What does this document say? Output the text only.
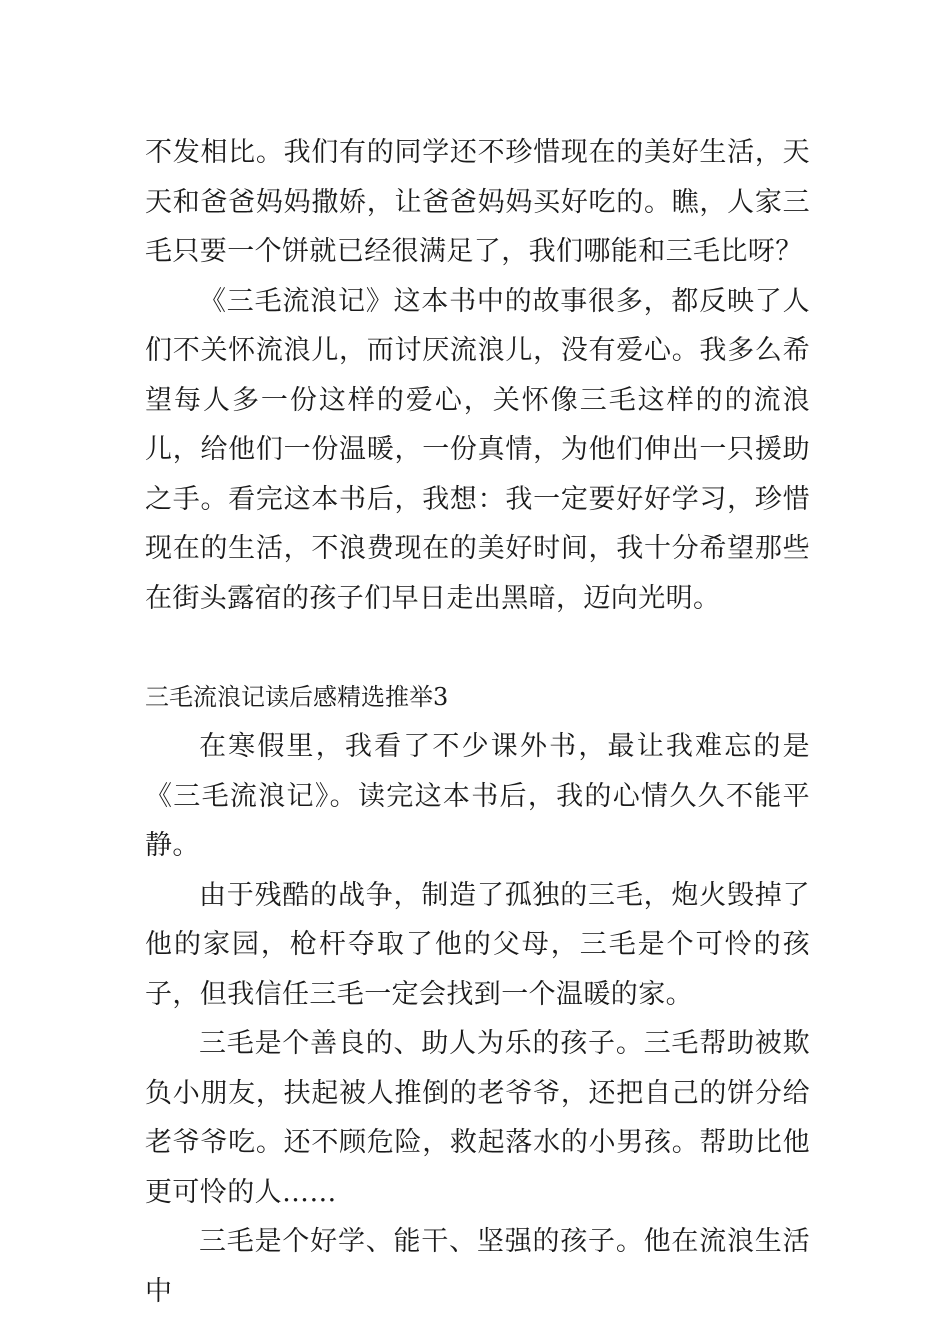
不发相比。我们有的同学还不珍惜现在的美好生活，天天和爸爸妈妈撒娇，让爸爸妈妈买好吃的。瞧，人家三毛只要一个饼就已经很满足了，我们哪能和三毛比呀？

《三毛流浪记》这本书中的故事很多，都反映了人们不关怀流浪儿，而讨厌流浪儿，没有爱心。我多么希望每人多一份这样的爱心，关怀像三毛这样的的流浪儿，给他们一份温暖，一份真情，为他们伸出一只援助之手。看完这本书后，我想：我一定要好好学习，珍惜现在的生活，不浪费现在的美好时间，我十分希望那些在街头露宿的孩子们早日走出黑暗，迈向光明。

三毛流浪记读后感精选推举3

在寒假里，我看了不少课外书，最让我难忘的是《三毛流浪记》。读完这本书后，我的心情久久不能平静。

由于残酷的战争，制造了孤独的三毛，炮火毁掉了他的家园，枪杆夺取了他的父母，三毛是个可怜的孩子，但我信任三毛一定会找到一个温暖的家。

三毛是个善良的、助人为乐的孩子。三毛帮助被欺负小朋友，扶起被人推倒的老爷爷，还把自己的饼分给老爷爷吃。还不顾危险，救起落水的小男孩。帮助比他更可怜的人……

三毛是个好学、能干、坚强的孩子。他在流浪生活中
